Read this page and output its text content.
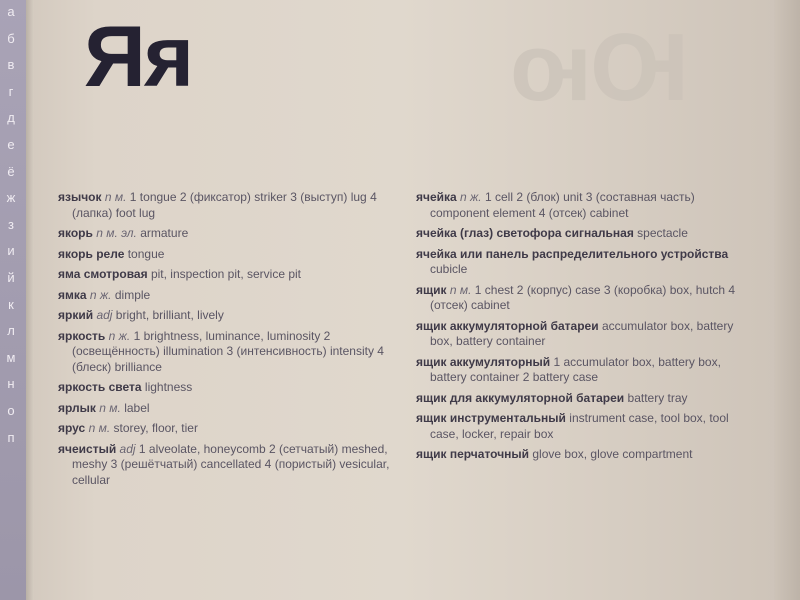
а
б
в
г
д
е
ё
ж
з
и
й
к
л
м
н
о
п
Юю
Яя
язычок n м. 1 tongue 2 (фиксатор) striker 3 (выступ) lug 4 (лапка) foot lug
якорь n м. эл. armature
якорь реле tongue
яма смотровая pit, inspection pit, service pit
ямка n ж. dimple
яркий adj bright, brilliant, lively
яркость n ж. 1 brightness, luminance, luminosity 2 (освещённость) illumination 3 (интенсивность) intensity 4 (блеск) brilliance
яркость света lightness
ярлык n м. label
ярус n м. storey, floor, tier
ячеистый adj 1 alveolate, honeycomb 2 (сетчатый) meshed, meshy 3 (решётчатый) cancellated 4 (пористый) vesicular, cellular
ячейка n ж. 1 cell 2 (блок) unit 3 (составная часть) component element 4 (отсек) cabinet
ячейка (глаз) светофора сигнальная spectacle
ячейка или панель распределительного устройства cubicle
ящик n м. 1 chest 2 (корпус) case 3 (коробка) box, hutch 4 (отсек) cabinet
ящик аккумуляторной батареи accumulator box, battery box, battery container
ящик аккумуляторный 1 accumulator box, battery box, battery container 2 battery case
ящик для аккумуляторной батареи battery tray
ящик инструментальный instrument case, tool box, tool case, locker, repair box
ящик перчаточный glove box, glove compartment
